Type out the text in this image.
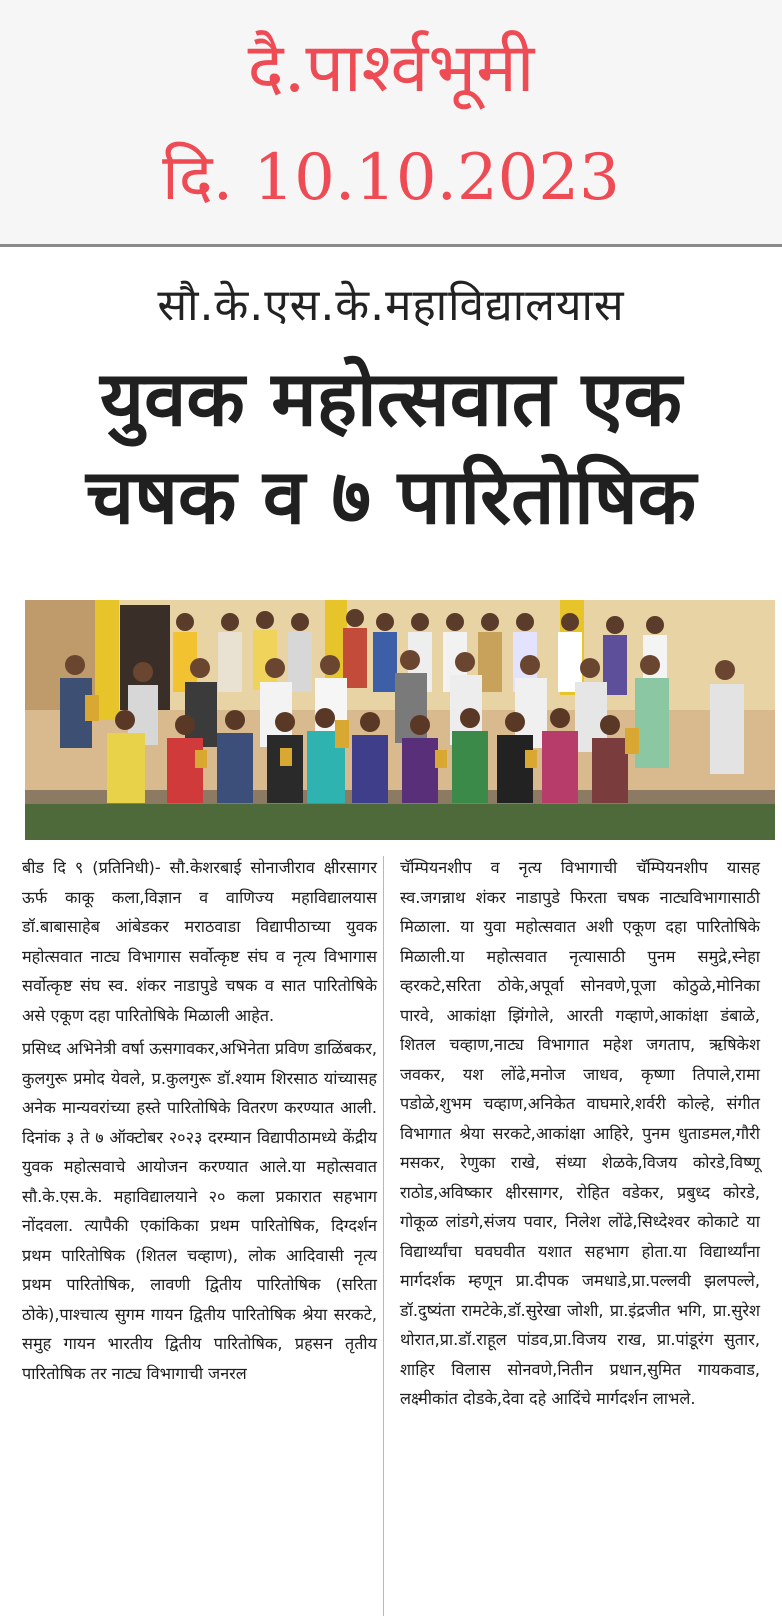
दै.पार्श्वभूमी
दि. 10.10.2023
सौ.के.एस.के.महाविद्यालयास
युवक महोत्सवात एक
चषक व ७ पारितोषिक

बीड दि ९ (प्रतिनिधी)- सौ.केशरबाई सोनाजीराव क्षीरसागर ऊर्फ काकू कला,विज्ञान व वाणिज्य महाविद्यालयास डॉ.बाबासाहेब आंबेडकर मराठवाडा विद्यापीठाच्या युवक महोत्सवात नाट्य विभागास सर्वोत्कृष्ट संघ व नृत्य विभागास सर्वोत्कृष्ट संघ स्व. शंकर नाडापुडे चषक व सात पारितोषिके असे एकूण दहा पारितोषिके मिळाली आहेत.

प्रसिध्द अभिनेत्री वर्षा ऊसगावकर,अभिनेता प्रविण डाळिंबकर, कुलगुरू प्रमोद येवले, प्र.कुलगुरू डॉ.श्याम शिरसाठ यांच्यासह अनेक मान्यवरांच्या हस्ते पारितोषिके वितरण करण्यात आली. दिनांक ३ ते ७ ऑक्टोबर २०२३ दरम्यान विद्यापीठामध्ये केंद्रीय युवक महोत्सवाचे आयोजन करण्यात आले.या महोत्सवात सौ.के.एस.के. महाविद्यालयाने २० कला प्रकारात सहभाग नोंदवला. त्यापैकी एकांकिका प्रथम पारितोषिक, दिग्दर्शन प्रथम पारितोषिक (शितल चव्हाण), लोक आदिवासी नृत्य प्रथम पारितोषिक, लावणी द्वितीय पारितोषिक (सरिता ठोके),पाश्चात्य सुगम गायन द्वितीय पारितोषिक श्रेया सरकटे, समुह गायन भारतीय द्वितीय पारितोषिक, प्रहसन तृतीय पारितोषिक तर नाट्य विभागाची जनरल

चॅम्पियनशीप व नृत्य विभागाची चॅम्पियनशीप यासह स्व.जगन्नाथ शंकर नाडापुडे फिरता चषक नाट्यविभागासाठी मिळाला. या युवा महोत्सवात अशी एकूण दहा पारितोषिके मिळाली.या महोत्सवात नृत्यासाठी पुनम समुद्रे,स्नेहा व्हरकटे,सरिता ठोके,अपूर्वा सोनवणे,पूजा कोठुळे,मोनिका पारवे, आकांक्षा झिंगोले, आरती गव्हाणे,आकांक्षा डंबाळे, शितल चव्हाण,नाट्य विभागात महेश जगताप, ऋषिकेश जवकर, यश लोंढे,मनोज जाधव, कृष्णा तिपाले,रामा पडोळे,शुभम चव्हाण,अनिकेत वाघमारे,शर्वरी कोल्हे, संगीत विभागात श्रेया सरकटे,आकांक्षा आहिरे, पुनम धुताडमल,गौरी मसकर, रेणुका राखे, संध्या शेळके,विजय कोरडे,विष्णू राठोड,अविष्कार क्षीरसागर, रोहित वडेकर, प्रबुध्द कोरडे, गोकूळ लांडगे,संजय पवार, निलेश लोंढे,सिध्देश्वर कोकाटे या विद्यार्थ्यांचा घवघवीत यशात सहभाग होता.या विद्यार्थ्यांना मार्गदर्शक म्हणून प्रा.दीपक जमधाडे,प्रा.पल्लवी झलपल्ले, डॉ.दुष्यंता रामटेके,डॉ.सुरेखा जोशी, प्रा.इंद्रजीत भगि, प्रा.सुरेश थोरात,प्रा.डॉ.राहूल पांडव,प्रा.विजय राख, प्रा.पांडूरंग सुतार, शाहिर विलास सोनवणे,नितीन प्रधान,सुमित गायकवाड, लक्ष्मीकांत दोडके,देवा दहे आदिंचे मार्गदर्शन लाभले.
